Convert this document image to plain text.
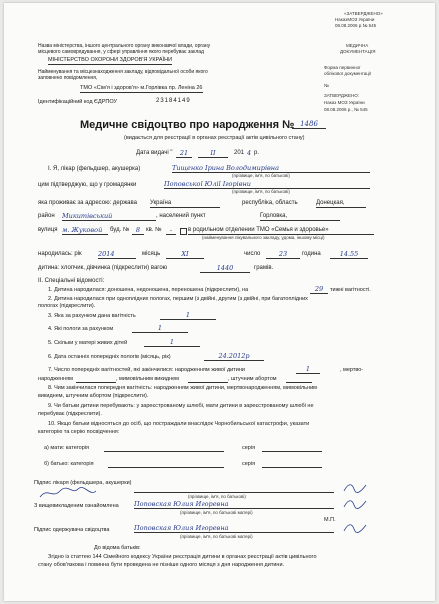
«ЗАТВЕРДЖЕНО»
НаказМОЗ України
08.08.2006 р.№ 545
Назва міністерства, іншого центрального органу виконавчої влади, органу
місцевого самоврядування, у сфері управління якого перебуває заклад
МІНІСТЕРСТВО ОХОРОНИ ЗДОРОВ'Я УКРАЇНИ
Найменування та місцезнаходження закладу, відповідальної особи якого
заповнено повідомлення,
ТМО «Сім'я і здоров'я» м.Горлівка пр. Леніна 26
Ідентифікаційний код ЄДРПОУ	23184149
МЕДИЧНА
ДОКУМЕНТАЦІЯ
Форма первинної
облікової документації
№
ЗАТВЕРДЖЕНО:
Наказ МОЗ України
08.08.2006 р., № 545
Медичне свідоцтво про народження № 1486
(видається для реєстрації в органах реєстрації актів цивільного стану)
Дата видачі "	21	II	201 4 р.
І. Я, лікар (фельдшер, акушерка)	Тищенко Ірина Володимирівна
(прізвище, ім'я, по батькові)
цим підтверджую, що у громадянки	Поповської Юлії Ігорівни
(прізвище, ім'я, по батькові)
яка проживає за адресою: держава Україна	республіка, область	Донецкая,
район Микитівський	, населений пункт	Горловка,
вулиця м. Жуковой	буд. №	8 кв. №	-	в родильном отделении ТМО «Семья и здоровье»
(найменування лікувального закладу, удома, іншому місці)
народилась: рік	2014	місяць	XI	число	23	година	14.55
дитина: хлопчик, дівчинка (підкреслити) вагою	1440	грамів.
ІІ. Спеціальні відомості:
1. Дитина народилася: доношена, недоношена, переношена (підкреслити), на	29	тижні вагітності.
2. Дитина народилася при одноплідних пологах, першим (з двійні, другим (з двійні, при багатоплідних
пологах (підкреслити).
3. Яка за рахунком дана вагітність	1
4. Які пологи за рахунком	1
5. Скільки у матері живих дітей	1
6. Дата останніх попередніх пологів (місяць, рік)	24.2012р
7. Число попередніх вагітностей, які закінчилися: народженням живої дитини	1	, мертво-
народженням	, мимовільним викиднем	, штучним абортом
8. Чим закінчилася попередня вагітність: народженням живої дитини, мертвонародженням, мимовільним
викиднем, штучним абортом (підкреслити).
9. Чи батьки дитини перебувають: у зареєстрованому шлюбі, мати дитини в зареєстрованому шлюбі не
перебуває (підкреслити).
10. Якщо батьки відносяться до осіб, що постраждали внаслідок Чорнобильської катастрофи, указати
категорію та серію посвідчення:
а) мати: категорія	серія
б) батько: категорія	серія
Підпис лікаря (фельдшера, акушерки)
(прізвище, ім'я, по батькові)
З вищевикладеним ознайомлена Поповская Юлия Игоревна
(прізвище, ім'я, по батькові матері)
М.П.
Підпис одержувача свідоцтва	Поповская Юлия Игоревна
(прізвище, ім'я, по батькові матері)
До відома батьків:
Згідно із статтею 144 Сімейного кодексу України реєстрація дитини в органах реєстрації актів цивільного
стану обов'язкова і повинна бути проведена не пізніше одного місяця з дня народження дитини.
